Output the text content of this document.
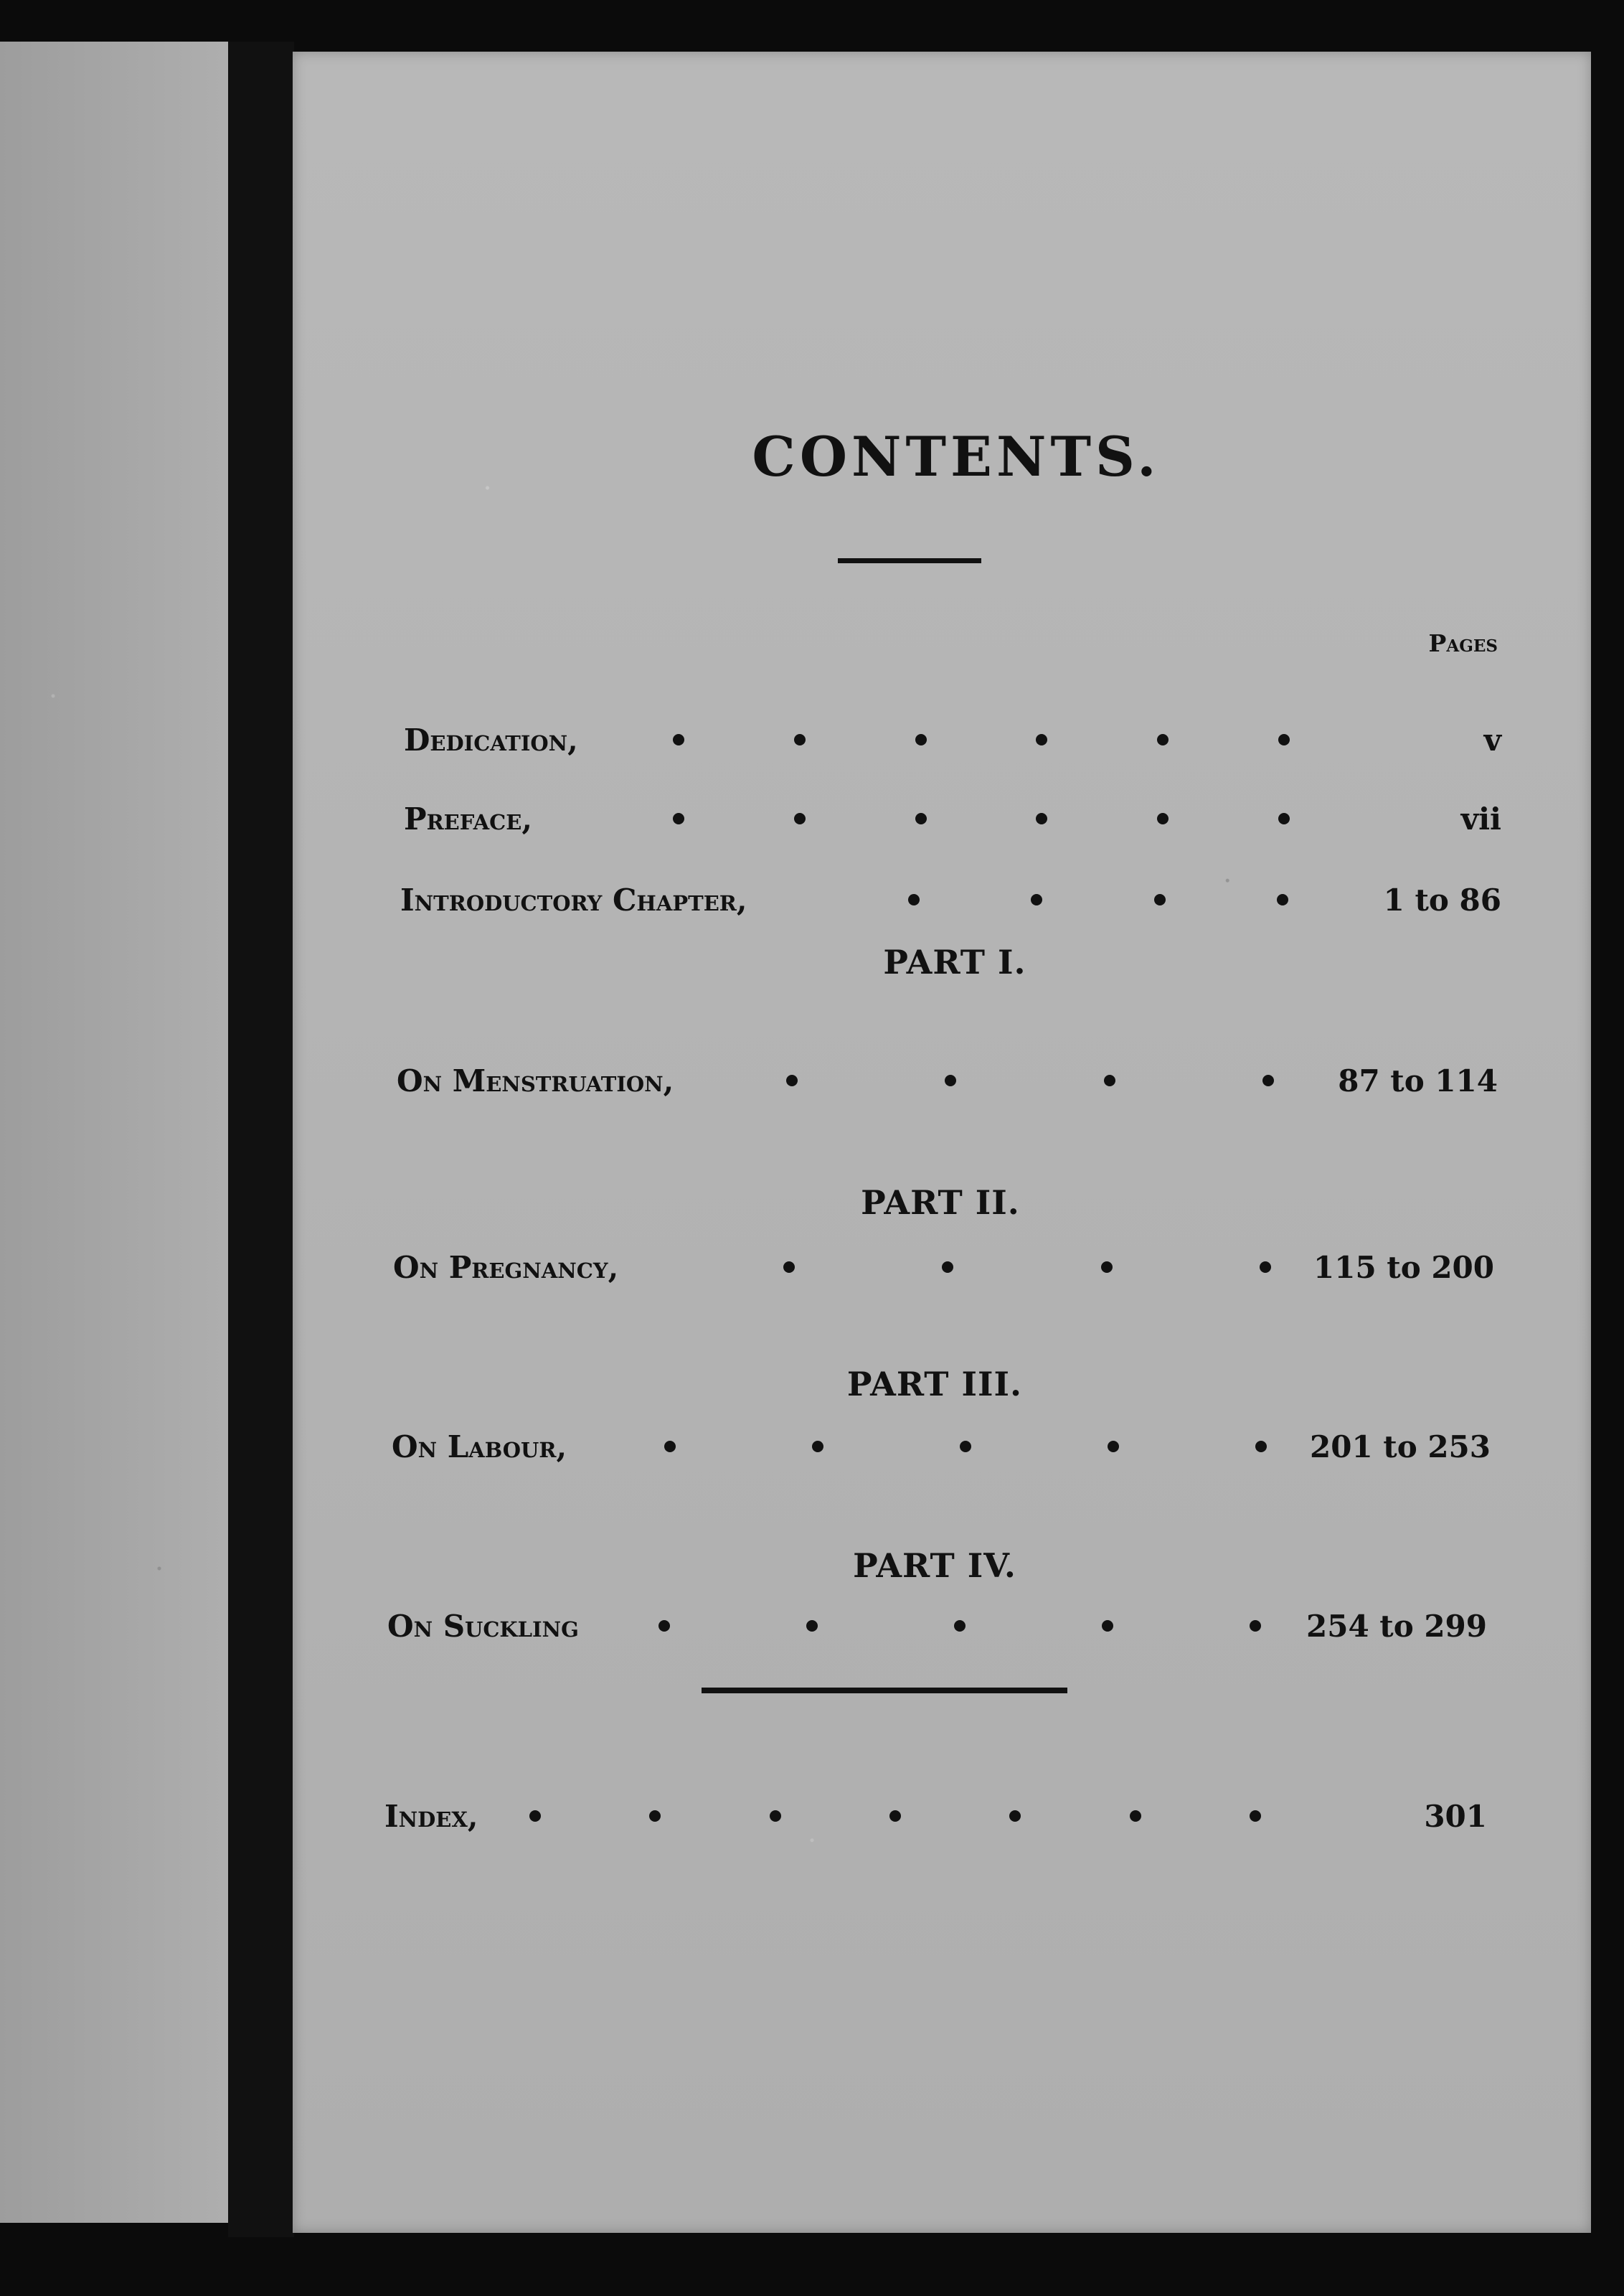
CONTENTS.
Pages
Dedication,	v
Preface,	vii
Introductory Chapter,	1 to 86
PART I.
On Menstruation,	87 to 114
PART II.
On Pregnancy,	115 to 200
PART III.
On Labour,	201 to 253
PART IV.
On Suckling	254 to 299
Index,	301
